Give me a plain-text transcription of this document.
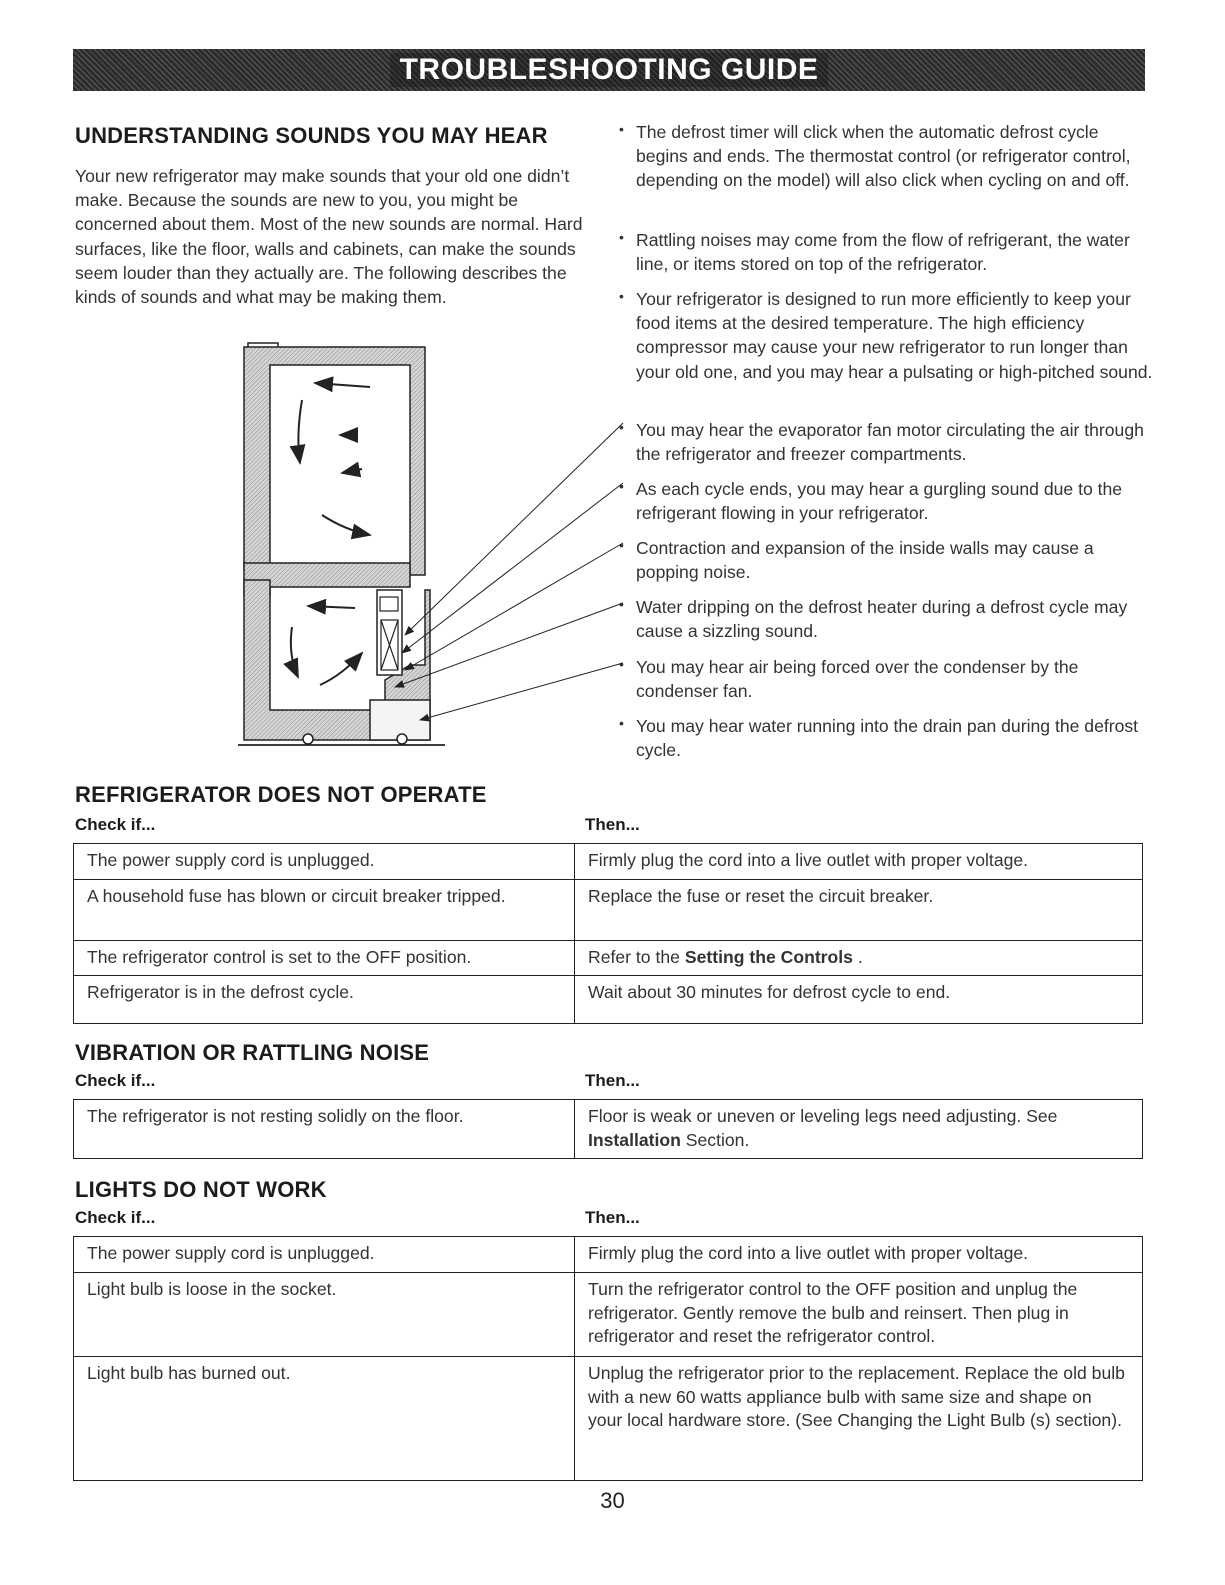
TROUBLESHOOTING GUIDE
UNDERSTANDING SOUNDS YOU MAY HEAR

Your new refrigerator may make sounds that your old one didn’t make. Because the sounds are new to you, you might be concerned about them. Most of the new sounds are normal. Hard surfaces, like the floor, walls and cabinets, can make the sounds seem louder than they actually are. The following describes the kinds of sounds and what may be making them.

• The defrost timer will click when the automatic defrost cycle begins and ends. The thermostat control (or refrigerator control, depending on the model) will also click when cycling on and off.
• Rattling noises may come from the flow of refrigerant, the water line, or items stored on top of the refrigerator.
• Your refrigerator is designed to run more efficiently to keep your food items at the desired temperature. The high efficiency compressor may cause your new refrigerator to run longer than your old one, and you may hear a pulsating or high-pitched sound.
• You may hear the evaporator fan motor circulating the air through the refrigerator and freezer compartments.
• As each cycle ends, you may hear a gurgling sound due to the refrigerant flowing in your refrigerator.
• Contraction and expansion of the inside walls may cause a popping noise.
• Water dripping on the defrost heater during a defrost cycle may cause a sizzling sound.
• You may hear air being forced over the condenser by the condenser fan.
• You may hear water running into the drain pan during the defrost cycle.
REFRIGERATOR DOES NOT OPERATE
Check if...	Then...
The power supply cord is unplugged.	Firmly plug the cord into a live outlet with proper voltage.
A household fuse has blown or circuit breaker tripped.	Replace the fuse or reset the circuit breaker.
The refrigerator control is set to the OFF position.	Refer to the Setting the Controls .
Refrigerator is in the defrost cycle.	Wait about 30 minutes for defrost cycle to end.
VIBRATION OR RATTLING NOISE
Check if...	Then...
The refrigerator is not resting solidly on the floor.	Floor is weak or uneven or leveling legs need adjusting. See Installation Section.
LIGHTS DO NOT WORK
Check if...	Then...
The power supply cord is unplugged.	Firmly plug the cord into a live outlet with proper voltage.
Light bulb is loose in the socket.	Turn the refrigerator control to the OFF position and unplug the refrigerator. Gently remove the bulb and reinsert. Then plug in refrigerator and reset the refrigerator control.
Light bulb has burned out.	Unplug the refrigerator prior to the replacement. Replace the old bulb with a new 60 watts appliance bulb with same size and shape on your local hardware store. (See Changing the Light Bulb (s) section).
30
